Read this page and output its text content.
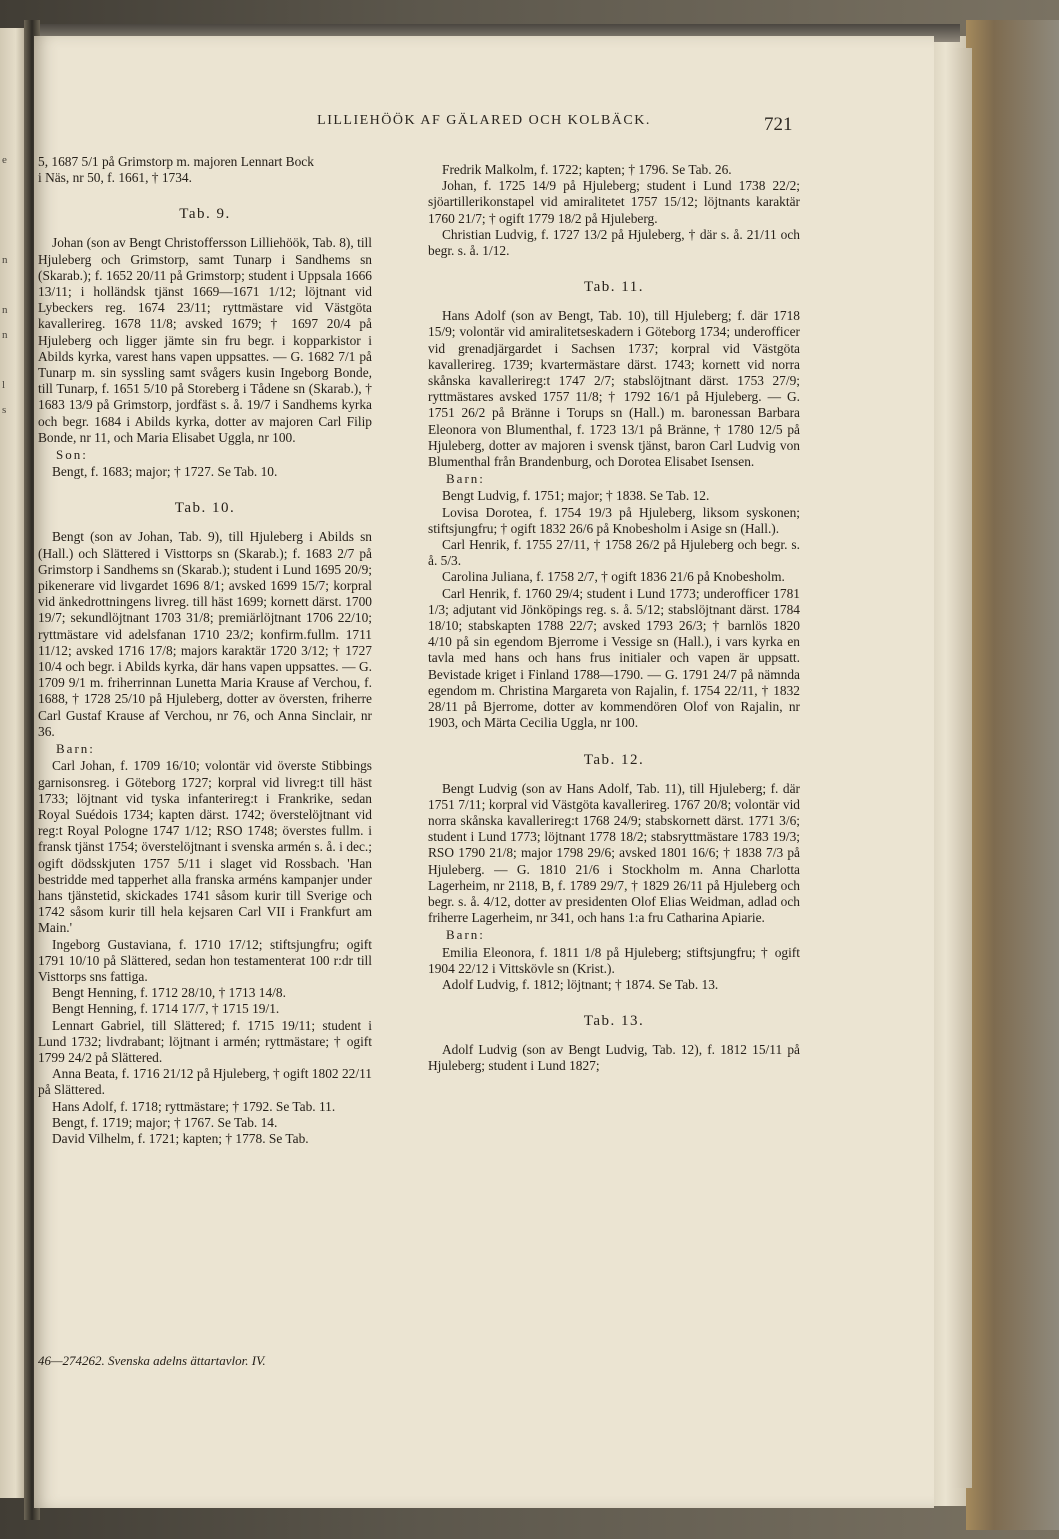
e
n
n
n
l
s
LILLIEHÖÖK AF GÄLARED OCH KOLBÄCK.	721

5, 1687 5/1 på Grimstorp m. majoren Lennart Bock

i Näs, nr 50, f. 1661, † 1734.

Tab. 9.

Johan (son av Bengt Christoffersson Lilliehöök, Tab. 8), till Hjuleberg och Grimstorp, samt Tunarp i Sandhems sn (Skarab.); f. 1652 20/11 på Grimstorp; student i Uppsala 1666 13/11; i holländsk tjänst 1669—1671 1/12; löjtnant vid Lybeckers reg. 1674 23/11; ryttmästare vid Västgöta kavallerireg. 1678 11/8; avsked 1679; † 1697 20/4 på Hjuleberg och ligger jämte sin fru begr. i kopparkistor i Abilds kyrka, varest hans vapen uppsattes. — G. 1682 7/1 på Tunarp m. sin syssling samt svågers kusin Ingeborg Bonde, till Tunarp, f. 1651 5/10 på Storeberg i Tådene sn (Skarab.), † 1683 13/9 på Grimstorp, jordfäst s. å. 19/7 i Sandhems kyrka och begr. 1684 i Abilds kyrka, dotter av majoren Carl Filip Bonde, nr 11, och Maria Elisabet Uggla, nr 100.

Son:

Bengt, f. 1683; major; † 1727. Se Tab. 10.

Tab. 10.

Bengt (son av Johan, Tab. 9), till Hjuleberg i Abilds sn (Hall.) och Slättered i Visttorps sn (Skarab.); f. 1683 2/7 på Grimstorp i Sandhems sn (Skarab.); student i Lund 1695 20/9; pikenerare vid livgardet 1696 8/1; avsked 1699 15/7; korpral vid änkedrottningens livreg. till häst 1699; kornett därst. 1700 19/7; sekundlöjtnant 1703 31/8; premiärlöjtnant 1706 22/10; ryttmästare vid adelsfanan 1710 23/2; konfirm.fullm. 1711 11/12; avsked 1716 17/8; majors karaktär 1720 3/12; † 1727 10/4 och begr. i Abilds kyrka, där hans vapen uppsattes. — G. 1709 9/1 m. friherrinnan Lunetta Maria Krause af Verchou, f. 1688, † 1728 25/10 på Hjuleberg, dotter av översten, friherre Carl Gustaf Krause af Verchou, nr 76, och Anna Sinclair, nr 36.

Barn:

Carl Johan, f. 1709 16/10; volontär vid överste Stibbings garnisonsreg. i Göteborg 1727; korpral vid livreg:t till häst 1733; löjtnant vid tyska infanterireg:t i Frankrike, sedan Royal Suédois 1734; kapten därst. 1742; överstelöjtnant vid reg:t Royal Pologne 1747 1/12; RSO 1748; överstes fullm. i fransk tjänst 1754; överstelöjtnant i svenska armén s. å. i dec.; ogift dödsskjuten 1757 5/11 i slaget vid Rossbach. 'Han bestridde med tapperhet alla franska arméns kampanjer under hans tjänstetid, skickades 1741 såsom kurir till Sverige och 1742 såsom kurir till hela kejsaren Carl VII i Frankfurt am Main.'

Ingeborg Gustaviana, f. 1710 17/12; stiftsjungfru; ogift 1791 10/10 på Slättered, sedan hon testamenterat 100 r:dr till Visttorps sns fattiga.

Bengt Henning, f. 1712 28/10, † 1713 14/8.

Bengt Henning, f. 1714 17/7, † 1715 19/1.

Lennart Gabriel, till Slättered; f. 1715 19/11; student i Lund 1732; livdrabant; löjtnant i armén; ryttmästare; † ogift 1799 24/2 på Slättered.

Anna Beata, f. 1716 21/12 på Hjuleberg, † ogift 1802 22/11 på Slättered.

Hans Adolf, f. 1718; ryttmästare; † 1792. Se Tab. 11.

Bengt, f. 1719; major; † 1767. Se Tab. 14.

David Vilhelm, f. 1721; kapten; † 1778. Se Tab.

46—274262. Svenska adelns ättartavlor. IV.

Fredrik Malkolm, f. 1722; kapten; † 1796. Se Tab. 26.

Johan, f. 1725 14/9 på Hjuleberg; student i Lund 1738 22/2; sjöartillerikonstapel vid amiralitetet 1757 15/12; löjtnants karaktär 1760 21/7; † ogift 1779 18/2 på Hjuleberg.

Christian Ludvig, f. 1727 13/2 på Hjuleberg, † där s. å. 21/11 och begr. s. å. 1/12.

Tab. 11.

Hans Adolf (son av Bengt, Tab. 10), till Hjuleberg; f. där 1718 15/9; volontär vid amiralitetseskadern i Göteborg 1734; underofficer vid grenadjärgardet i Sachsen 1737; korpral vid Västgöta kavallerireg. 1739; kvartermästare därst. 1743; kornett vid norra skånska kavallerireg:t 1747 2/7; stabslöjtnant därst. 1753 27/9; ryttmästares avsked 1757 11/8; † 1792 16/1 på Hjuleberg. — G. 1751 26/2 på Bränne i Torups sn (Hall.) m. baronessan Barbara Eleonora von Blumenthal, f. 1723 13/1 på Bränne, † 1780 12/5 på Hjuleberg, dotter av majoren i svensk tjänst, baron Carl Ludvig von Blumenthal från Brandenburg, och Dorotea Elisabet Isensen.

Barn:

Bengt Ludvig, f. 1751; major; † 1838. Se Tab. 12.

Lovisa Dorotea, f. 1754 19/3 på Hjuleberg, liksom syskonen; stiftsjungfru; † ogift 1832 26/6 på Knobesholm i Asige sn (Hall.).

Carl Henrik, f. 1755 27/11, † 1758 26/2 på Hjuleberg och begr. s. å. 5/3.

Carolina Juliana, f. 1758 2/7, † ogift 1836 21/6 på Knobesholm.

Carl Henrik, f. 1760 29/4; student i Lund 1773; underofficer 1781 1/3; adjutant vid Jönköpings reg. s. å. 5/12; stabslöjtnant därst. 1784 18/10; stabskapten 1788 22/7; avsked 1793 26/3; † barnlös 1820 4/10 på sin egendom Bjerrome i Vessige sn (Hall.), i vars kyrka en tavla med hans och hans frus initialer och vapen är uppsatt. Bevistade kriget i Finland 1788—1790. — G. 1791 24/7 på nämnda egendom m. Christina Margareta von Rajalin, f. 1754 22/11, † 1832 28/11 på Bjerrome, dotter av kommendören Olof von Rajalin, nr 1903, och Märta Cecilia Uggla, nr 100.

Tab. 12.

Bengt Ludvig (son av Hans Adolf, Tab. 11), till Hjuleberg; f. där 1751 7/11; korpral vid Västgöta kavallerireg. 1767 20/8; volontär vid norra skånska kavallerireg:t 1768 24/9; stabskornett därst. 1771 3/6; student i Lund 1773; löjtnant 1778 18/2; stabsryttmästare 1783 19/3; RSO 1790 21/8; major 1798 29/6; avsked 1801 16/6; † 1838 7/3 på Hjuleberg. — G. 1810 21/6 i Stockholm m. Anna Charlotta Lagerheim, nr 2118, B, f. 1789 29/7, † 1829 26/11 på Hjuleberg och begr. s. å. 4/12, dotter av presidenten Olof Elias Weidman, adlad och friherre Lagerheim, nr 341, och hans 1:a fru Catharina Apiarie.

Barn:

Emilia Eleonora, f. 1811 1/8 på Hjuleberg; stiftsjungfru; † ogift 1904 22/12 i Vittskövle sn (Krist.).

Adolf Ludvig, f. 1812; löjtnant; † 1874. Se Tab. 13.

Tab. 13.

Adolf Ludvig (son av Bengt Ludvig, Tab. 12), f. 1812 15/11 på Hjuleberg; student i Lund 1827;
